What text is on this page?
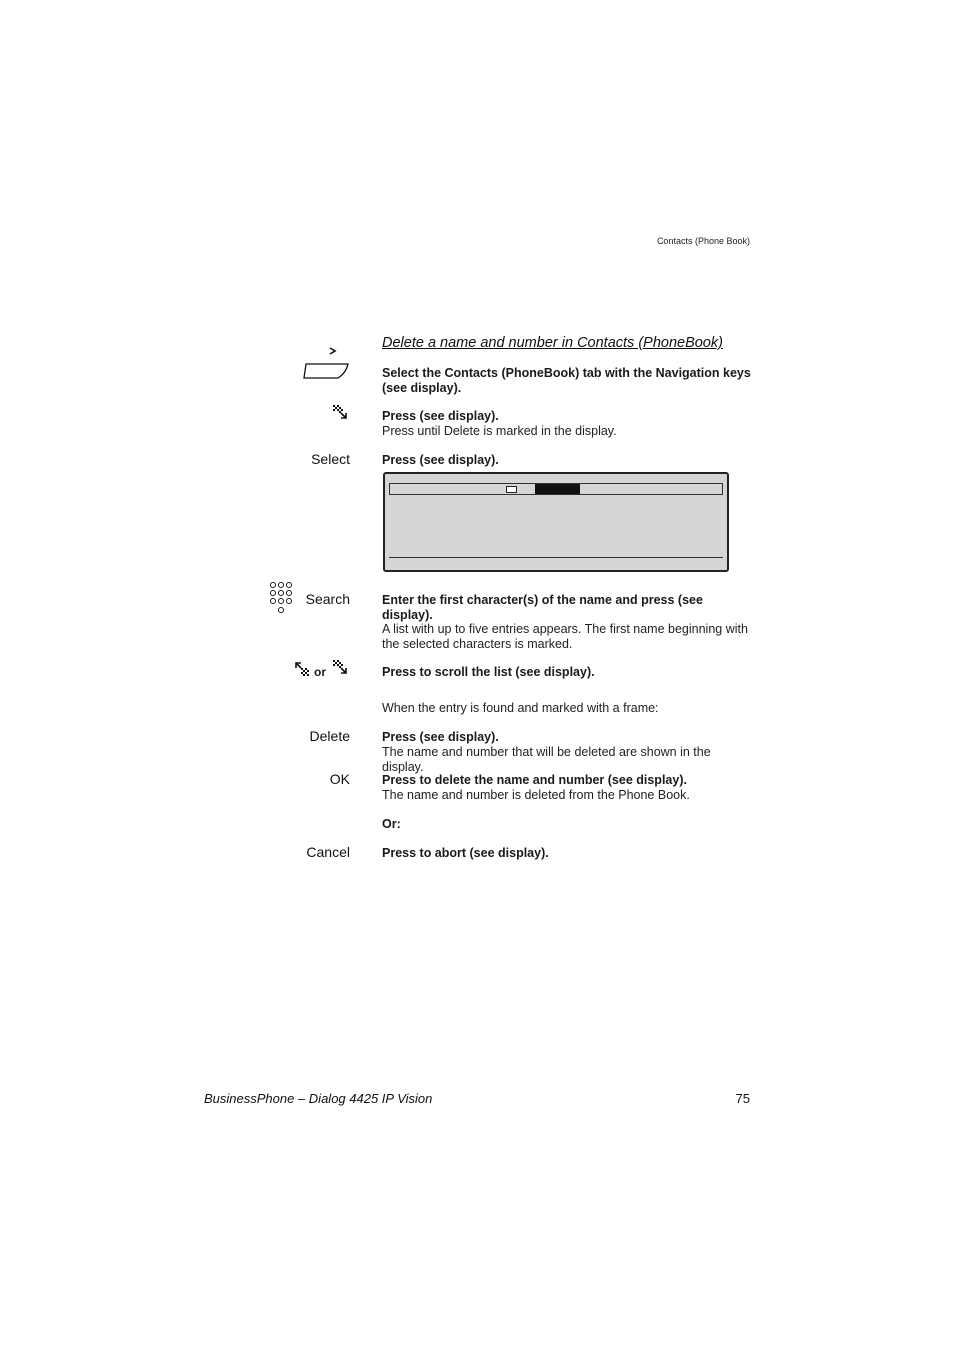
Contacts (Phone Book)
Delete a name and number in Contacts (PhoneBook)
Select the Contacts (PhoneBook) tab with the Navigation keys (see display).
Press (see display).
Press until Delete is marked in the display.
Select	Press (see display).
Search	Enter the first character(s) of the name and press (see display).
A list with up to five entries appears. The first name beginning with the selected characters is marked.
or	Press to scroll the list (see display).
When the entry is found and marked with a frame:
Delete	Press (see display).
The name and number that will be deleted are shown in the display.
OK	Press to delete the name and number (see display).
The name and number is deleted from the Phone Book.
Or:
Cancel	Press to abort (see display).
BusinessPhone – Dialog 4425 IP Vision	75
